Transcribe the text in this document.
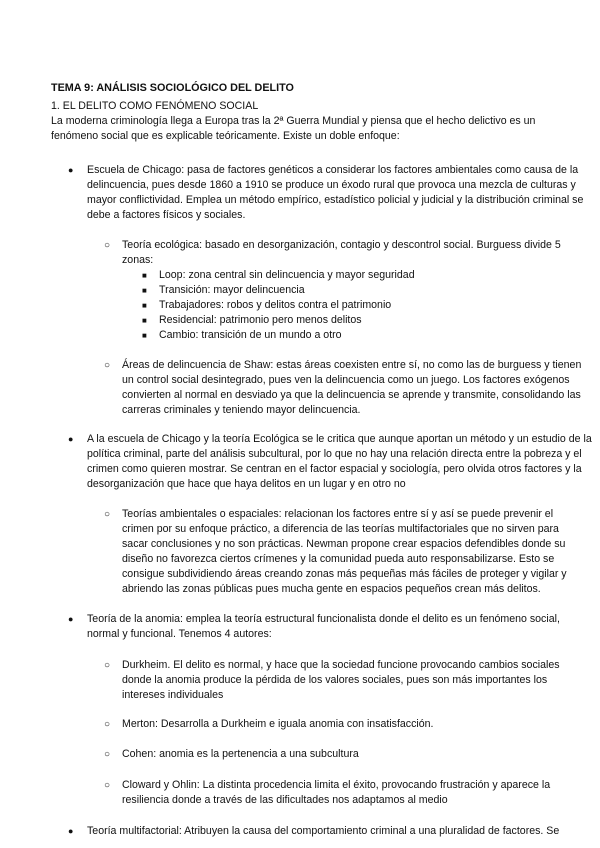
TEMA 9: ANÁLISIS SOCIOLÓGICO DEL DELITO
1. EL DELITO COMO FENÓMENO SOCIAL

La moderna criminología llega a Europa tras la 2ª Guerra Mundial y piensa que el hecho delictivo es un fenómeno social que es explicable teóricamente. Existe un doble enfoque:

● Escuela de Chicago: pasa de factores genéticos a considerar los factores ambientales como causa de la delincuencia, pues desde 1860 a 1910 se produce un éxodo rural que provoca una mezcla de culturas y mayor conflictividad. Emplea un método empírico, estadístico policial y judicial y la distribución criminal se debe a factores físicos y sociales.

○ Teoría ecológica: basado en desorganización, contagio y descontrol social. Burguess divide 5 zonas:

■ Loop: zona central sin delincuencia y mayor seguridad

■ Transición: mayor delincuencia

■ Trabajadores: robos y delitos contra el patrimonio

■ Residencial: patrimonio pero menos delitos

■ Cambio: transición de un mundo a otro

○ Áreas de delincuencia de Shaw: estas áreas coexisten entre sí, no como las de burguess y tienen un control social desintegrado, pues ven la delincuencia como un juego. Los factores exógenos convierten al normal en desviado ya que la delincuencia se aprende y transmite, consolidando las carreras criminales y teniendo mayor delincuencia.

● A la escuela de Chicago y la teoría Ecológica se le critica que aunque aportan un método y un estudio de la política criminal, parte del análisis subcultural, por lo que no hay una relación directa entre la pobreza y el crimen como quieren mostrar. Se centran en el factor espacial y sociología, pero olvida otros factores y la desorganización que hace que haya delitos en un lugar y en otro no

○ Teorías ambientales o espaciales: relacionan los factores entre sí y así se puede prevenir el crimen por su enfoque práctico, a diferencia de las teorías multifactoriales que no sirven para sacar conclusiones y no son prácticas. Newman propone crear espacios defendibles donde su diseño no favorezca ciertos crímenes y la comunidad pueda auto responsabilizarse. Esto se consigue subdividiendo áreas creando zonas más pequeñas más fáciles de proteger y vigilar y abriendo las zonas públicas pues mucha gente en espacios pequeños crean más delitos.

● Teoría de la anomia: emplea la teoría estructural funcionalista donde el delito es un fenómeno social, normal y funcional. Tenemos 4 autores:

○ Durkheim. El delito es normal, y hace que la sociedad funcione provocando cambios sociales donde la anomia produce la pérdida de los valores sociales, pues son más importantes los intereses individuales

○ Merton: Desarrolla a Durkheim e iguala anomia con insatisfacción.

○ Cohen: anomia es la pertenencia a una subcultura

○ Cloward y Ohlin: La distinta procedencia limita el éxito, provocando frustración y aparece la resiliencia donde a través de las dificultades nos adaptamos al medio

● Teoría multifactorial: Atribuyen la causa del comportamiento criminal a una pluralidad de factores. Se
